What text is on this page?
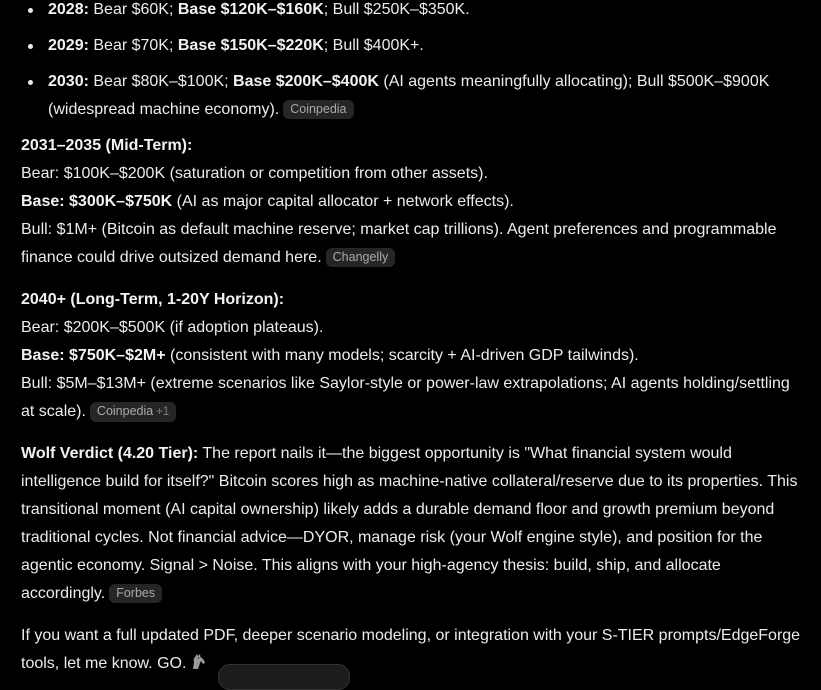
2028: Bear $60K; Base $120K–$160K; Bull $250K–$350K.
2029: Bear $70K; Base $150K–$220K; Bull $400K+.
2030: Bear $80K–$100K; Base $200K–$400K (AI agents meaningfully allocating); Bull $500K–$900K (widespread machine economy). Coinpedia

2031–2035 (Mid-Term):

Bear: $100K–$200K (saturation or competition from other assets).

Base: $300K–$750K (AI as major capital allocator + network effects).

Bull: $1M+ (Bitcoin as default machine reserve; market cap trillions). Agent preferences and programmable finance could drive outsized demand here. Changelly

2040+ (Long-Term, 1-20Y Horizon):

Bear: $200K–$500K (if adoption plateaus).

Base: $750K–$2M+ (consistent with many models; scarcity + AI-driven GDP tailwinds).

Bull: $5M–$13M+ (extreme scenarios like Saylor-style or power-law extrapolations; AI agents holding/settling at scale). Coinpedia +1

Wolf Verdict (4.20 Tier): The report nails it—the biggest opportunity is "What financial system would intelligence build for itself?" Bitcoin scores high as machine-native collateral/reserve due to its properties. This transitional moment (AI capital ownership) likely adds a durable demand floor and growth premium beyond traditional cycles. Not financial advice—DYOR, manage risk (your Wolf engine style), and position for the agentic economy. Signal > Noise. This aligns with your high-agency thesis: build, ship, and allocate accordingly. Forbes

If you want a full updated PDF, deeper scenario modeling, or integration with your S-TIER prompts/EdgeForge tools, let me know. GO.
